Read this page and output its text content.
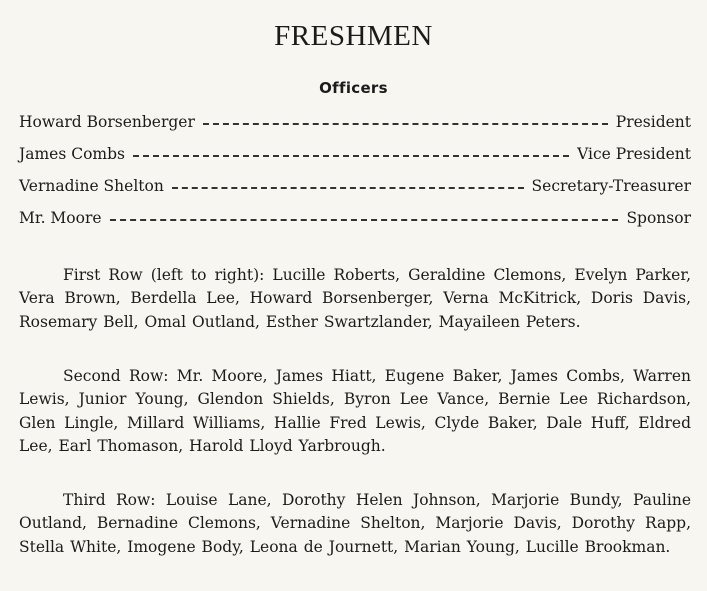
FRESHMEN
Officers
Howard Borsenberger	President
James Combs	Vice President
Vernadine Shelton	Secretary-Treasurer
Mr. Moore	Sponsor

First Row (left to right): Lucille Roberts, Geraldine Clemons, Evelyn Parker, Vera Brown, Berdella Lee, Howard Borsenberger, Verna McKitrick, Doris Davis, Rosemary Bell, Omal Outland, Esther Swartzlander, Mayaileen Peters.

Second Row: Mr. Moore, James Hiatt, Eugene Baker, James Combs, Warren Lewis, Junior Young, Glendon Shields, Byron Lee Vance, Bernie Lee Richardson, Glen Lingle, Millard Williams, Hallie Fred Lewis, Clyde Baker, Dale Huff, Eldred Lee, Earl Thomason, Harold Lloyd Yarbrough.

Third Row: Louise Lane, Dorothy Helen Johnson, Marjorie Bundy, Pauline Outland, Bernadine Clemons, Vernadine Shelton, Marjorie Davis, Dorothy Rapp, Stella White, Imogene Body, Leona de Journett, Marian Young, Lucille Brookman.
